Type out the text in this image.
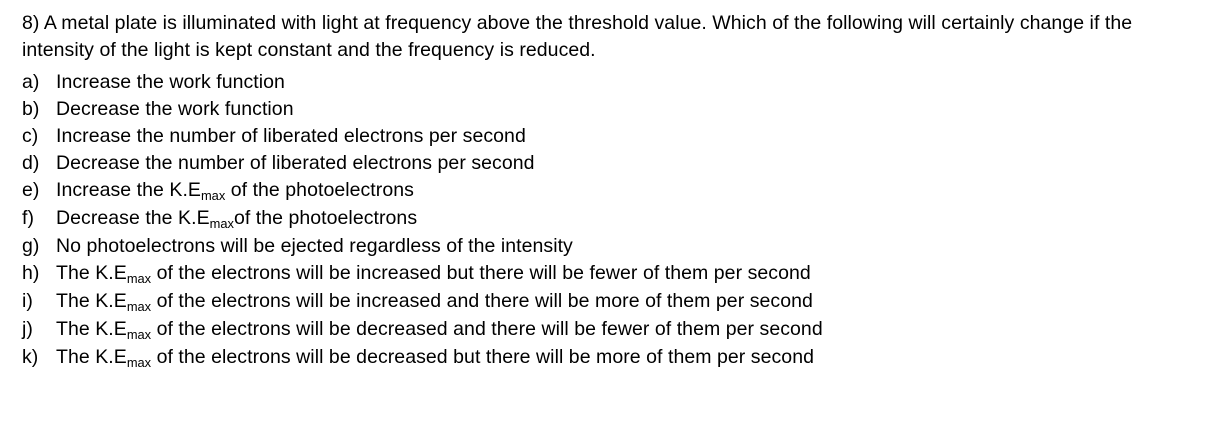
8) A metal plate is illuminated with light at frequency above the threshold value. Which of the following will certainly change if the intensity of the light is kept constant and the frequency is reduced.
a) Increase the work function
b) Decrease the work function
c) Increase the number of liberated electrons per second
d) Decrease the number of liberated electrons per second
e) Increase the $K.E_{max}$ of the photoelectrons
f)	Decrease the $K.E_{max}of$ the photoelectrons
g) No photoelectrons will be ejected regardless of the intensity
h) The $K.E_{max}$ of the electrons will be increased but there will be fewer of them per second
i)	The $K.E_{max}$ of the electrons will be increased and there will be more of them per second
j)	The $K.E_{max}$ of the electrons will be decreased and there will be fewer of them per second
k) The $K.E_{max}$ of the electrons will be decreased but there will be more of them per second
